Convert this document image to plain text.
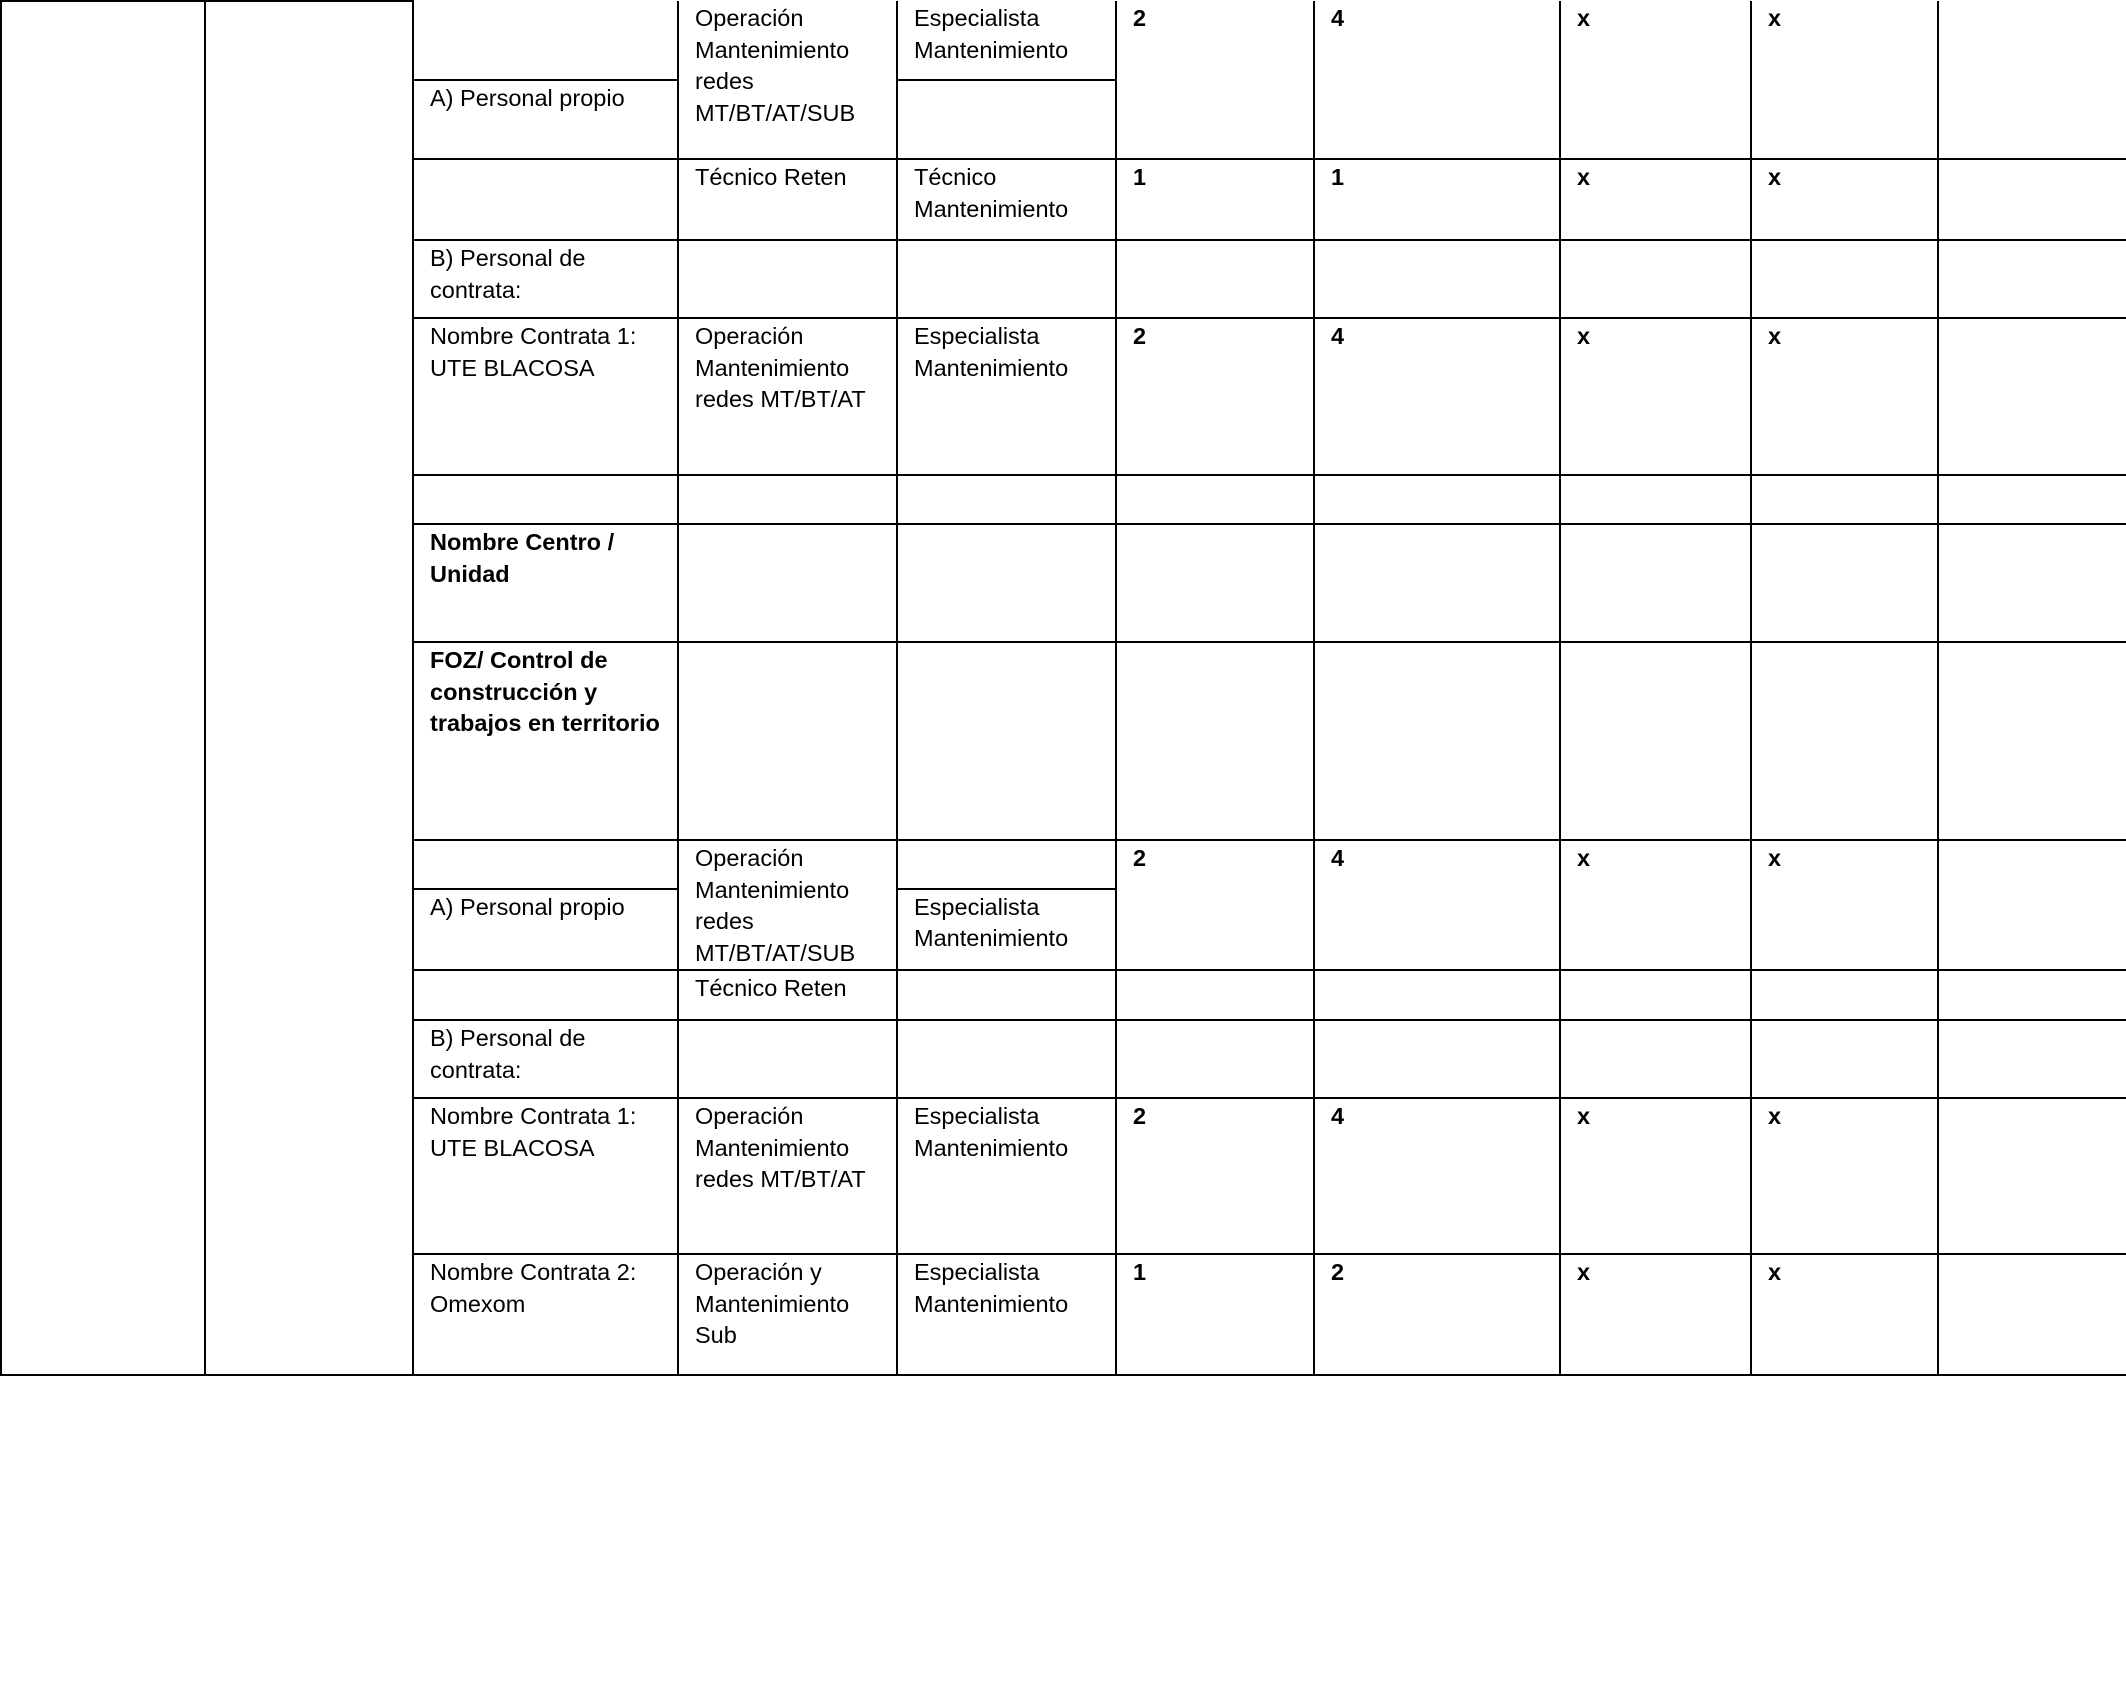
			Operación Mantenimiento redes MT/BT/AT/SUB	Especialista Mantenimiento	2	4	x	x	
		A) Personal propio							
			Técnico Reten	Técnico Mantenimiento	1	1	x	x	
		B) Personal de contrata:							
		Nombre Contrata 1: UTE BLACOSA	Operación Mantenimiento redes MT/BT/AT	Especialista Mantenimiento	2	4	x	x	

		Nombre Centro / Unidad							
		FOZ/ Control de construcción y trabajos en territorio							
			Operación Mantenimiento redes MT/BT/AT/SUB		2	4	x	x	
		A) Personal propio		Especialista Mantenimiento					
			Técnico Reten						
		B) Personal de contrata:							
		Nombre Contrata 1: UTE BLACOSA	Operación Mantenimiento redes MT/BT/AT	Especialista Mantenimiento	2	4	x	x	
		Nombre Contrata 2: Omexom	Operación y Mantenimiento Sub	Especialista Mantenimiento	1	2	x	x	
